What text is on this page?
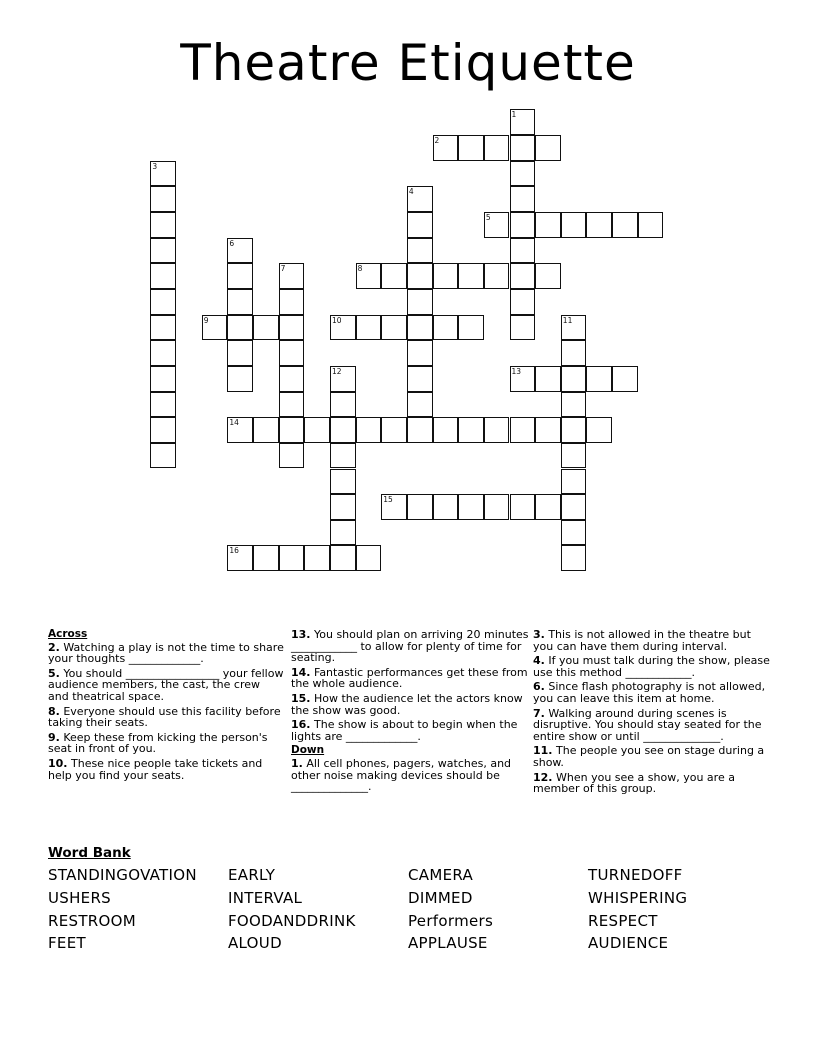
Theatre Etiquette
1
2
3
4
5
6
7	8
9	10	11
12	13
14
15
16
Across
2. Watching a play is not the time to share your thoughts _____________.
5. You should _________________ your fellow audience members, the cast, the crew and theatrical space.
8. Everyone should use this facility before taking their seats.
9. Keep these from kicking the person's seat in front of you.
10. These nice people take tickets and help you find your seats.
13. You should plan on arriving 20 minutes ____________ to allow for plenty of time for seating.
14. Fantastic performances get these from the whole audience.
15. How the audience let the actors know the show was good.
16. The show is about to begin when the lights are _____________.
Down
1. All cell phones, pagers, watches, and other noise making devices should be ______________.
3. This is not allowed in the theatre but you can have them during interval.
4. If you must talk during the show, please use this method ____________.
6. Since flash photography is not allowed, you can leave this item at home.
7. Walking around during scenes is disruptive. You should stay seated for the entire show or until ______________.
11. The people you see on stage during a show.
12. When you see a show, you are a member of this group.
Word Bank
STANDINGOVATION
USHERS
RESTROOM
FEET
EARLY
INTERVAL
FOODANDDRINK
ALOUD
CAMERA
DIMMED
Performers
APPLAUSE
TURNEDOFF
WHISPERING
RESPECT
AUDIENCE
